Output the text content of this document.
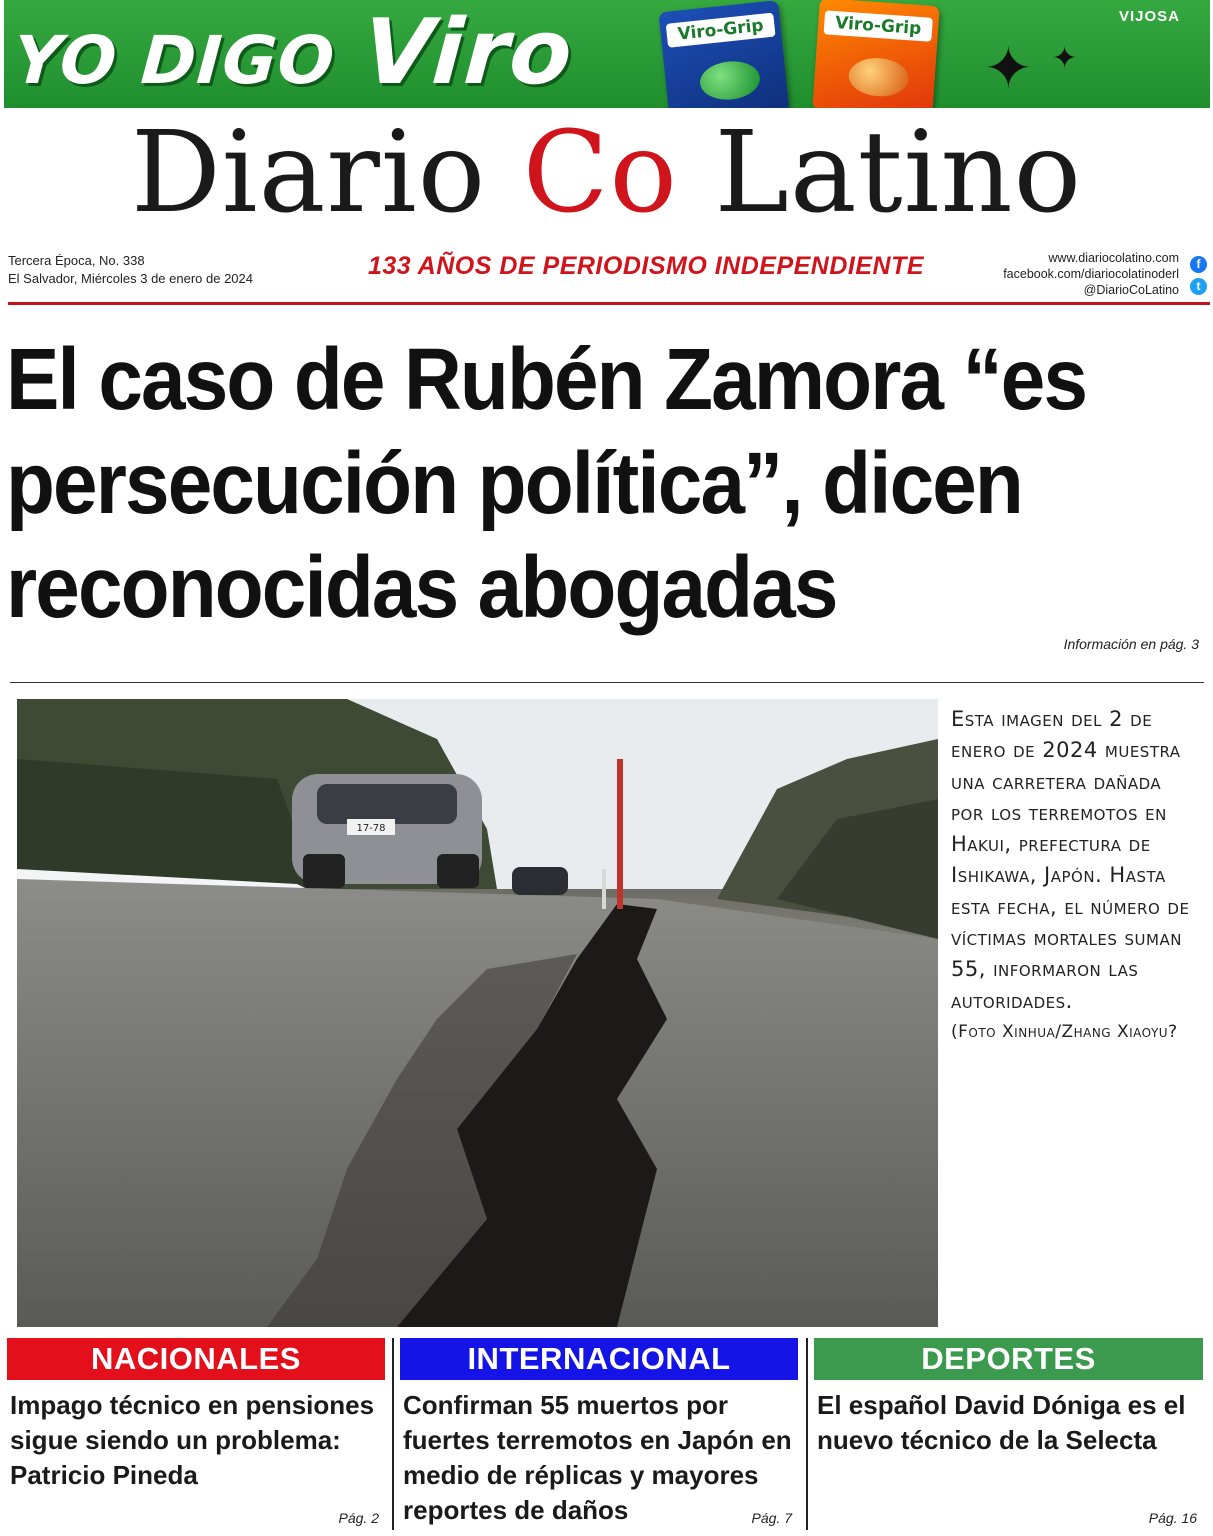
YO DIGO Viro	Viro-Grip	Viro-Grip
✦ ✦
VIJOSA
Diario Co Latino
Tercera Época, No. 338
El Salvador, Miércoles 3 de enero de 2024	133 AÑOS DE PERIODISMO INDEPENDIENTE	www.diariocolatino.com
facebook.com/diariocolatinoderl
@DiarioCoLatino
f
t
El caso de Rubén Zamora “es persecución política”, dicen reconocidas abogadas
Información en pág. 3
17-78
Esta imagen del 2 de enero de 2024 muestra una carretera dañada por los terremotos en Hakui, prefectura de Ishikawa, Japón. Hasta esta fecha, el número de víctimas mortales suman 55, informaron las autoridades.
(Foto Xinhua/Zhang Xiaoyu?
NACIONALES
Impago técnico en pensiones sigue siendo un problema: Patricio Pineda
Pág. 2
INTERNACIONAL
Confirman 55 muertos por fuertes terremotos en Japón en medio de réplicas y mayores reportes de daños	Pág. 7
DEPORTES
El español David Dóniga es el nuevo técnico de la Selecta
Pág. 16
